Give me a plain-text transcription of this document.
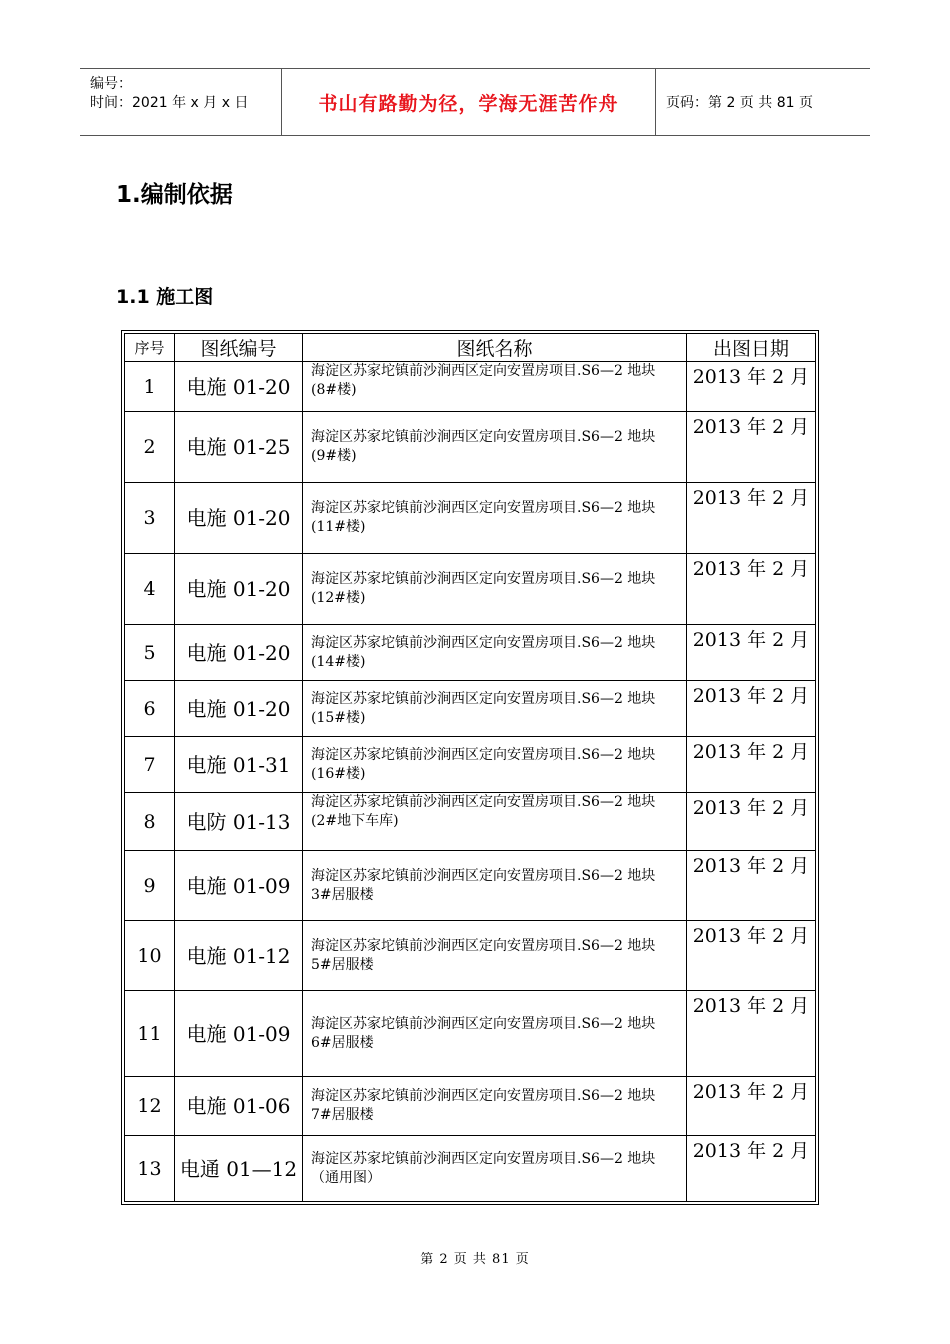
编号：
时间：2021 年 x 月 x 日	书山有路勤为径，学海无涯苦作舟	页码：第 2 页 共 81 页
1.编制依据
1.1 施工图
序号	图纸编号	图纸名称	出图日期
1	电施 01-20	海淀区苏家坨镇前沙涧西区定向安置房项目.S6—2 地块(8#楼)	2013 年 2 月
2	电施 01-25	海淀区苏家坨镇前沙涧西区定向安置房项目.S6—2 地块(9#楼)	2013 年 2 月
3	电施 01-20	海淀区苏家坨镇前沙涧西区定向安置房项目.S6—2 地块(11#楼)	2013 年 2 月
4	电施 01-20	海淀区苏家坨镇前沙涧西区定向安置房项目.S6—2 地块(12#楼)	2013 年 2 月
5	电施 01-20	海淀区苏家坨镇前沙涧西区定向安置房项目.S6—2 地块(14#楼)	2013 年 2 月
6	电施 01-20	海淀区苏家坨镇前沙涧西区定向安置房项目.S6—2 地块(15#楼)	2013 年 2 月
7	电施 01-31	海淀区苏家坨镇前沙涧西区定向安置房项目.S6—2 地块(16#楼)	2013 年 2 月
8	电防 01-13	海淀区苏家坨镇前沙涧西区定向安置房项目.S6—2 地块(2#地下车库)	2013 年 2 月
9	电施 01-09	海淀区苏家坨镇前沙涧西区定向安置房项目.S6—2 地块 3#居服楼	2013 年 2 月
10	电施 01-12	海淀区苏家坨镇前沙涧西区定向安置房项目.S6—2 地块 5#居服楼	2013 年 2 月
11	电施 01-09	海淀区苏家坨镇前沙涧西区定向安置房项目.S6—2 地块 6#居服楼	2013 年 2 月
12	电施 01-06	海淀区苏家坨镇前沙涧西区定向安置房项目.S6—2 地块 7#居服楼	2013 年 2 月
13	电通 01—12	海淀区苏家坨镇前沙涧西区定向安置房项目.S6—2 地块（通用图）	2013 年 2 月
第 2 页 共 81 页
